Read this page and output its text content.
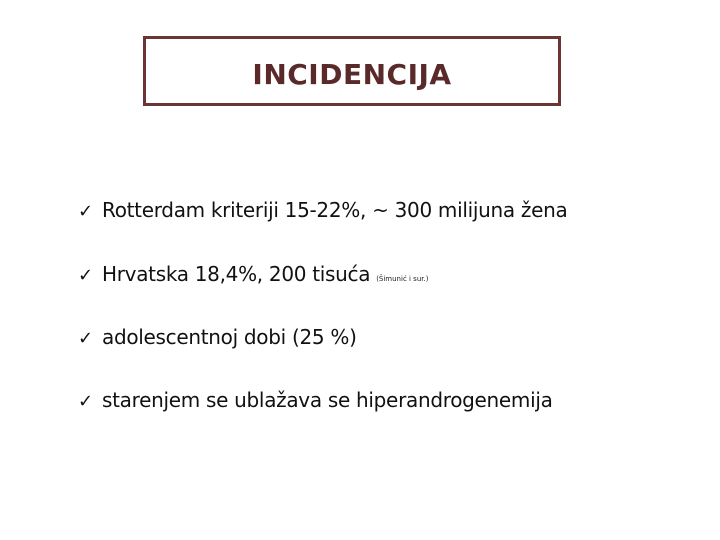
INCIDENCIJA
✓ Rotterdam kriteriji 15-22%, ~ 300 milijuna žena
✓ Hrvatska 18,4%, 200 tisuća (Šimunić i sur.)
✓ adolescentnoj dobi (25 %)
✓ starenjem se ublažava se hiperandrogenemija
